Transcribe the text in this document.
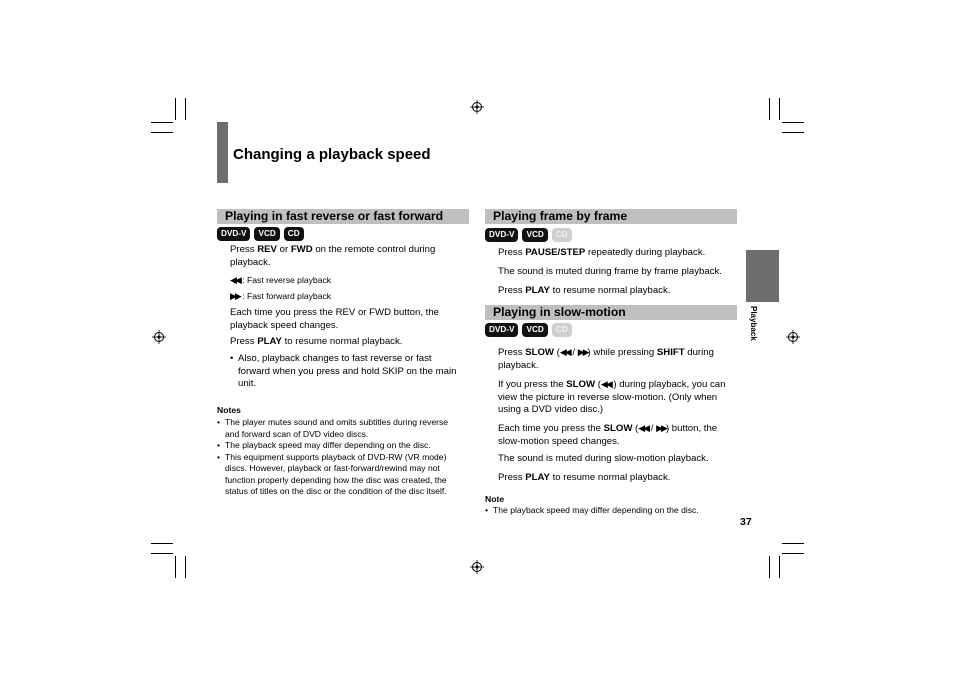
Changing a playback speed
Playing in fast reverse or fast forward
DVD-V	VCD	CD
Press REV or FWD on the remote control during playback.
◀◀ : Fast reverse playback
▶▶ : Fast forward playback
Each time you press the REV or FWD button, the playback speed changes.
Press PLAY to resume normal playback.
• Also, playback changes to fast reverse or fast forward when you press and hold SKIP on the main unit.
Notes
• The player mutes sound and omits subtitles during reverse and forward scan of DVD video discs.
• The playback speed may differ depending on the disc.
• This equipment supports playback of DVD-RW (VR mode) discs. However, playback or fast-forward/rewind may not function properly depending how the disc was created, the status of titles on the disc or the condition of the disc itself.
Playing frame by frame
DVD-V	VCD	CD
Press PAUSE/STEP repeatedly during playback.
The sound is muted during frame by frame playback.
Press PLAY to resume normal playback.
Playing in slow-motion
DVD-V	VCD	CD
Press SLOW (◀◀ / ▶▶) while pressing SHIFT during playback.
If you press the SLOW (◀◀ ) during playback, you can view the picture in reverse slow-motion. (Only when using a DVD video disc.)
Each time you press the SLOW (◀◀ / ▶▶) button, the slow-motion speed changes.
The sound is muted during slow-motion playback.
Press PLAY to resume normal playback.
Note
• The playback speed may differ depending on the disc.
Playback
37
